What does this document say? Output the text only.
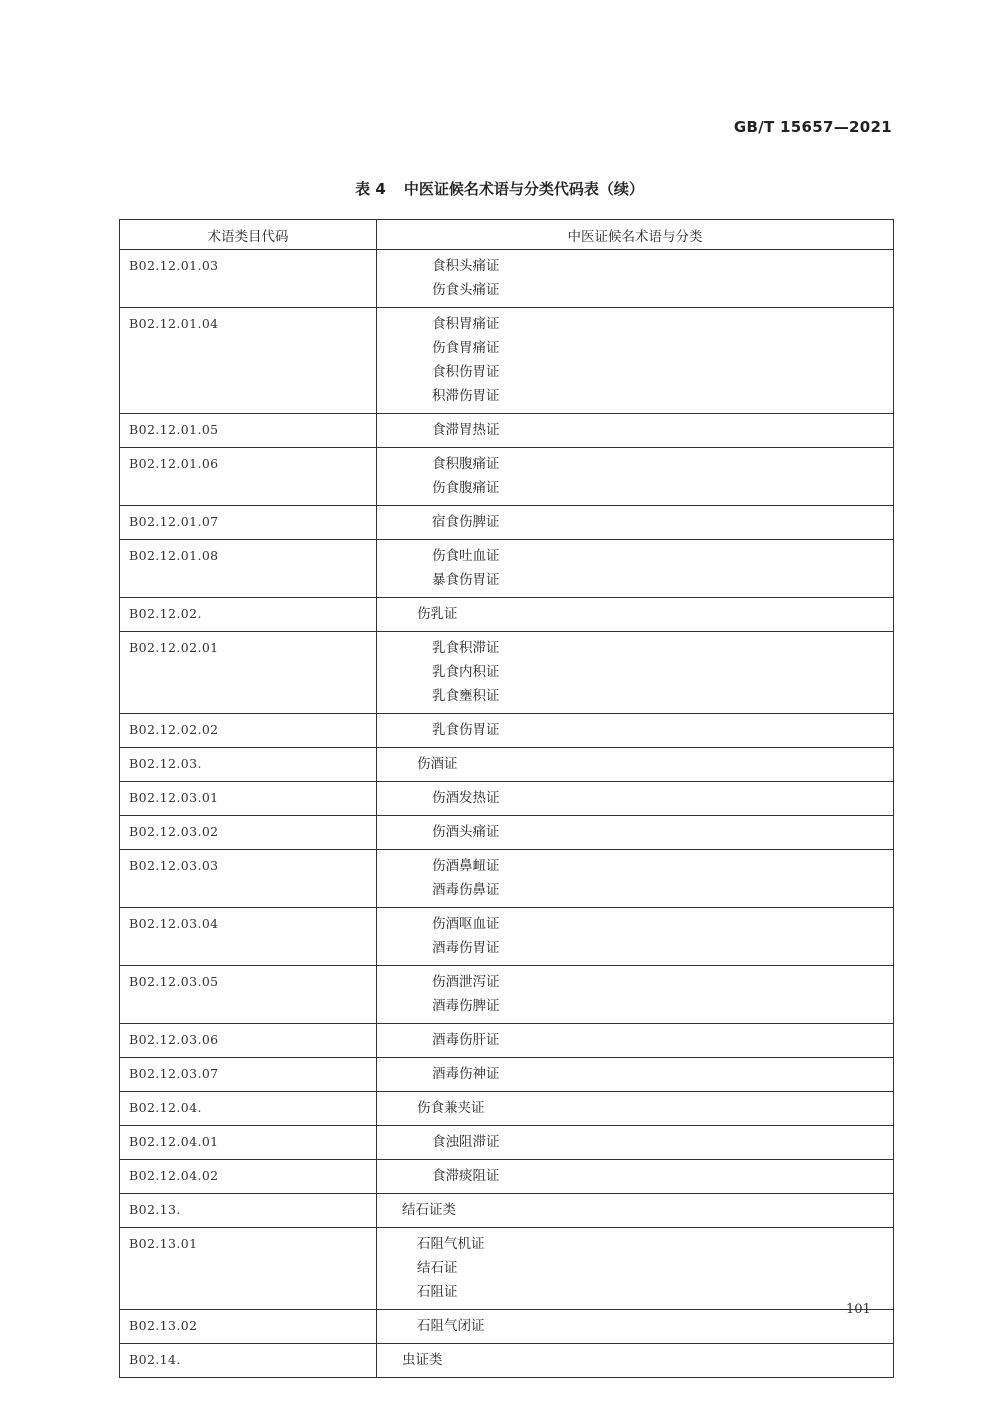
GB/T 15657—2021
表 4 中医证候名术语与分类代码表（续）
术语类目代码	中医证候名术语与分类
B02.12.01.03	食积头痛证
伤食头痛证

B02.12.01.04	食积胃痛证
伤食胃痛证
食积伤胃证
积滞伤胃证

B02.12.01.05	食滞胃热证

B02.12.01.06	食积腹痛证
伤食腹痛证

B02.12.01.07	宿食伤脾证

B02.12.01.08	伤食吐血证
暴食伤胃证

B02.12.02.	伤乳证

B02.12.02.01	乳食积滞证
乳食内积证
乳食壅积证

B02.12.02.02	乳食伤胃证

B02.12.03.	伤酒证

B02.12.03.01	伤酒发热证

B02.12.03.02	伤酒头痛证

B02.12.03.03	伤酒鼻衄证
酒毒伤鼻证

B02.12.03.04	伤酒呕血证
酒毒伤胃证

B02.12.03.05	伤酒泄泻证
酒毒伤脾证

B02.12.03.06	酒毒伤肝证

B02.12.03.07	酒毒伤神证

B02.12.04.	伤食兼夹证

B02.12.04.01	食浊阻滞证

B02.12.04.02	食滞痰阻证

B02.13.	结石证类

B02.13.01	石阻气机证
结石证
石阻证

B02.13.02	石阻气闭证

B02.14.	虫证类
101
